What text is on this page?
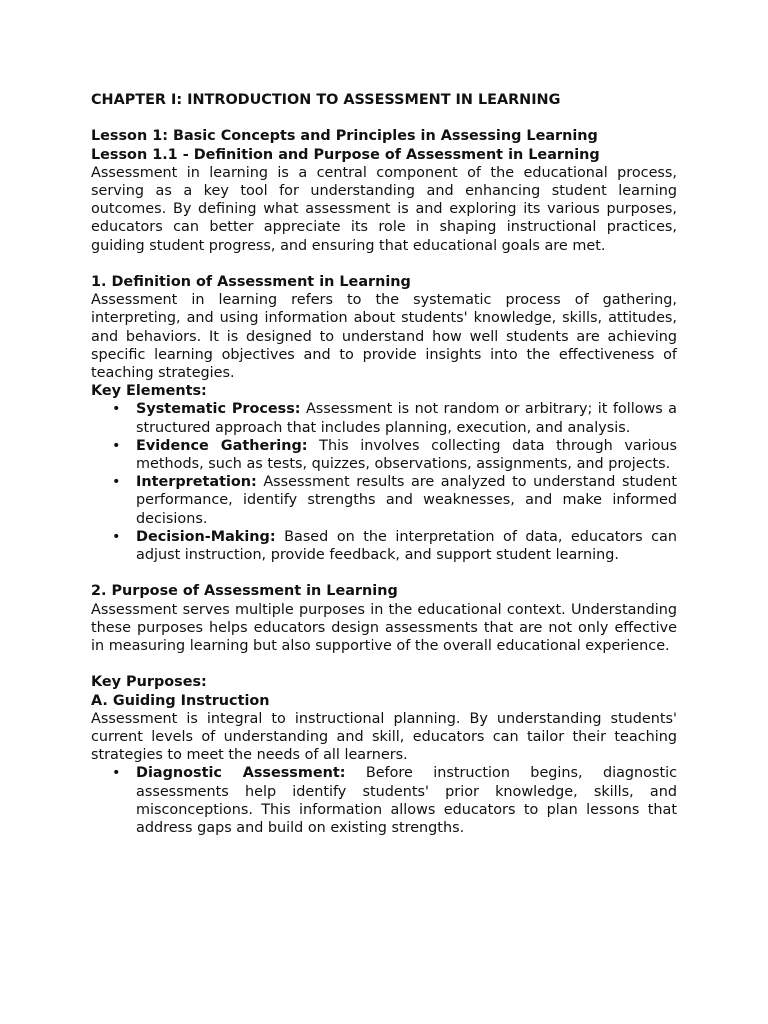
CHAPTER I: INTRODUCTION TO ASSESSMENT IN LEARNING

Lesson 1: Basic Concepts and Principles in Assessing Learning

Lesson 1.1 - Definition and Purpose of Assessment in Learning

Assessment in learning is a central component of the educational process, serving as a key tool for understanding and enhancing student learning outcomes. By defining what assessment is and exploring its various purposes, educators can better appreciate its role in shaping instructional practices, guiding student progress, and ensuring that educational goals are met.

1. Definition of Assessment in Learning

Assessment in learning refers to the systematic process of gathering, interpreting, and using information about students' knowledge, skills, attitudes, and behaviors. It is designed to understand how well students are achieving specific learning objectives and to provide insights into the effectiveness of teaching strategies.

Key Elements:

• Systematic Process: Assessment is not random or arbitrary; it follows a structured approach that includes planning, execution, and analysis.
• Evidence Gathering: This involves collecting data through various methods, such as tests, quizzes, observations, assignments, and projects.
• Interpretation: Assessment results are analyzed to understand student performance, identify strengths and weaknesses, and make informed decisions.
• Decision-Making: Based on the interpretation of data, educators can adjust instruction, provide feedback, and support student learning.

2. Purpose of Assessment in Learning

Assessment serves multiple purposes in the educational context. Understanding these purposes helps educators design assessments that are not only effective in measuring learning but also supportive of the overall educational experience.

Key Purposes:

A. Guiding Instruction

Assessment is integral to instructional planning. By understanding students' current levels of understanding and skill, educators can tailor their teaching strategies to meet the needs of all learners.

• Diagnostic Assessment: Before instruction begins, diagnostic assessments help identify students' prior knowledge, skills, and misconceptions. This information allows educators to plan lessons that address gaps and build on existing strengths.
